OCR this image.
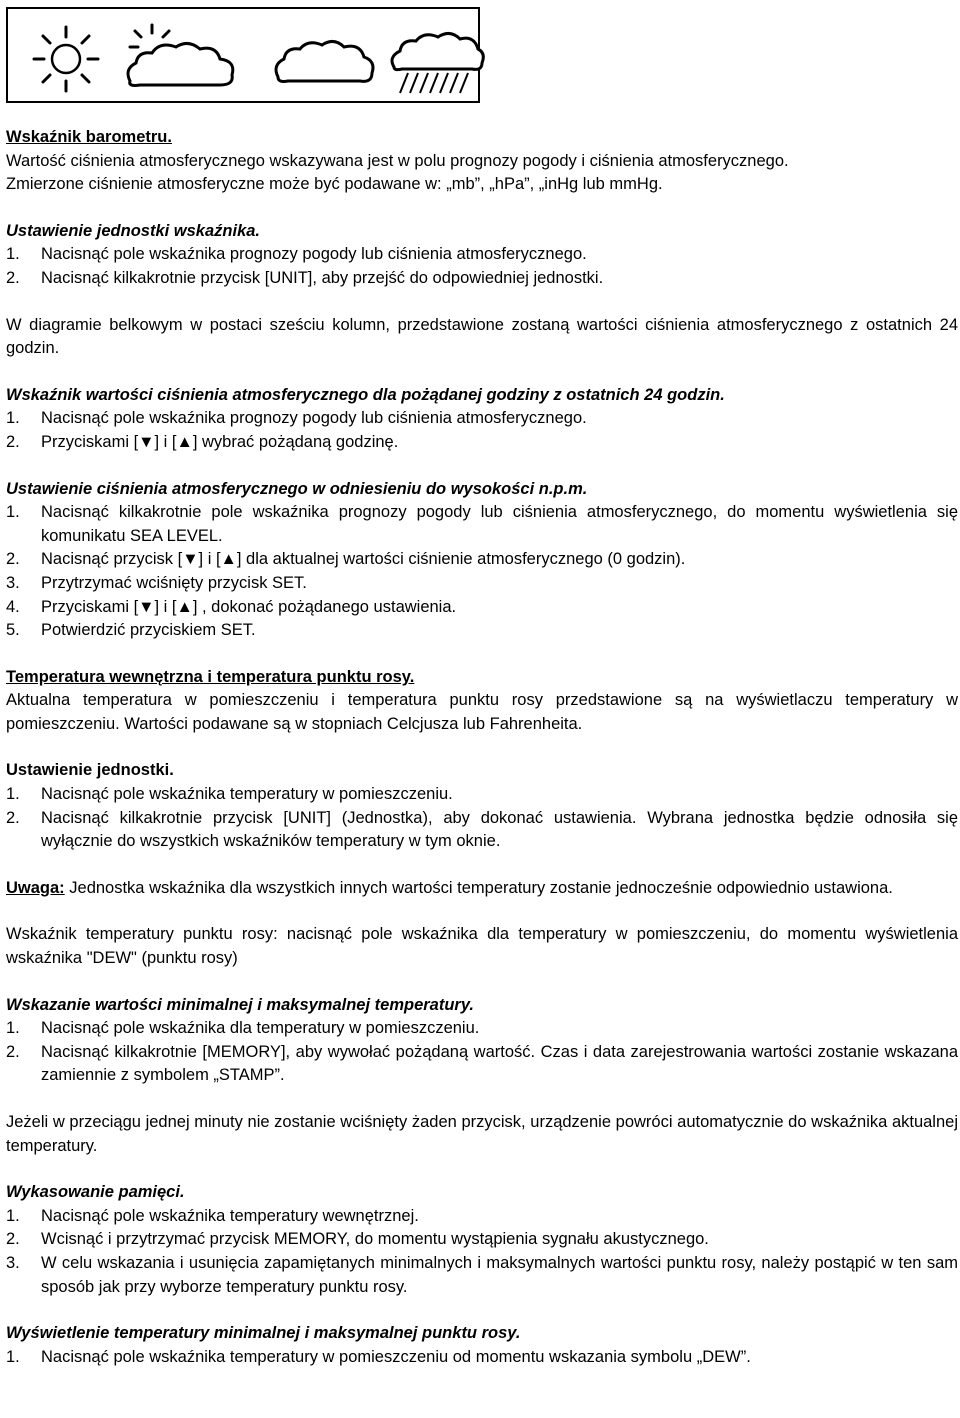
Wskaźnik barometru.

Wartość ciśnienia atmosferycznego wskazywana jest w polu prognozy pogody i ciśnienia atmosferycznego.

Zmierzone ciśnienie atmosferyczne może być podawane w: „mb”, „hPa”, „inHg lub mmHg.

Ustawienie jednostki wskaźnika.
1. Nacisnąć pole wskaźnika prognozy pogody lub ciśnienia atmosferycznego.
2. Nacisnąć kilkakrotnie przycisk [UNIT], aby przejść do odpowiedniej jednostki.

W diagramie belkowym w postaci sześciu kolumn, przedstawione zostaną wartości ciśnienia atmosferycznego z ostatnich 24 godzin.

Wskaźnik wartości ciśnienia atmosferycznego dla pożądanej godziny z ostatnich 24 godzin.
1. Nacisnąć pole wskaźnika prognozy pogody lub ciśnienia atmosferycznego.
2. Przyciskami [▼] i [▲] wybrać pożądaną godzinę.
Ustawienie ciśnienia atmosferycznego w odniesieniu do wysokości n.p.m.
1. Nacisnąć kilkakrotnie pole wskaźnika prognozy pogody lub ciśnienia atmosferycznego, do momentu wyświetlenia się komunikatu SEA LEVEL.
2. Nacisnąć przycisk [▼] i [▲] dla aktualnej wartości ciśnienie atmosferycznego (0 godzin).
3. Przytrzymać wciśnięty przycisk SET.
4. Przyciskami [▼] i [▲] , dokonać pożądanego ustawienia.
5. Potwierdzić przyciskiem SET.
Temperatura wewnętrzna i temperatura punktu rosy.

Aktualna temperatura w pomieszczeniu i temperatura punktu rosy przedstawione są na wyświetlaczu temperatury w pomieszczeniu. Wartości podawane są w stopniach Celcjusza lub Fahrenheita.

Ustawienie jednostki.
1. Nacisnąć pole wskaźnika temperatury w pomieszczeniu.
2. Nacisnąć kilkakrotnie przycisk [UNIT] (Jednostka), aby dokonać ustawienia. Wybrana jednostka będzie odnosiła się wyłącznie do wszystkich wskaźników temperatury w tym oknie.

Uwaga: Jednostka wskaźnika dla wszystkich innych wartości temperatury zostanie jednocześnie odpowiednio ustawiona.

Wskaźnik temperatury punktu rosy: nacisnąć pole wskaźnika dla temperatury w pomieszczeniu, do momentu wyświetlenia wskaźnika "DEW" (punktu rosy)

Wskazanie wartości minimalnej i maksymalnej temperatury.
1. Nacisnąć pole wskaźnika dla temperatury w pomieszczeniu.
2. Nacisnąć kilkakrotnie [MEMORY], aby wywołać pożądaną wartość. Czas i data zarejestrowania wartości zostanie wskazana zamiennie z symbolem „STAMP”.

Jeżeli w przeciągu jednej minuty nie zostanie wciśnięty żaden przycisk, urządzenie powróci automatycznie do wskaźnika aktualnej temperatury.

Wykasowanie pamięci.
1. Nacisnąć pole wskaźnika temperatury wewnętrznej.
2. Wcisnąć i przytrzymać przycisk MEMORY, do momentu wystąpienia sygnału akustycznego.
3. W celu wskazania i usunięcia zapamiętanych minimalnych i maksymalnych wartości punktu rosy, należy postąpić w ten sam sposób jak przy wyborze temperatury punktu rosy.
Wyświetlenie temperatury minimalnej i maksymalnej punktu rosy.
1. Nacisnąć pole wskaźnika temperatury w pomieszczeniu od momentu wskazania symbolu „DEW”.
